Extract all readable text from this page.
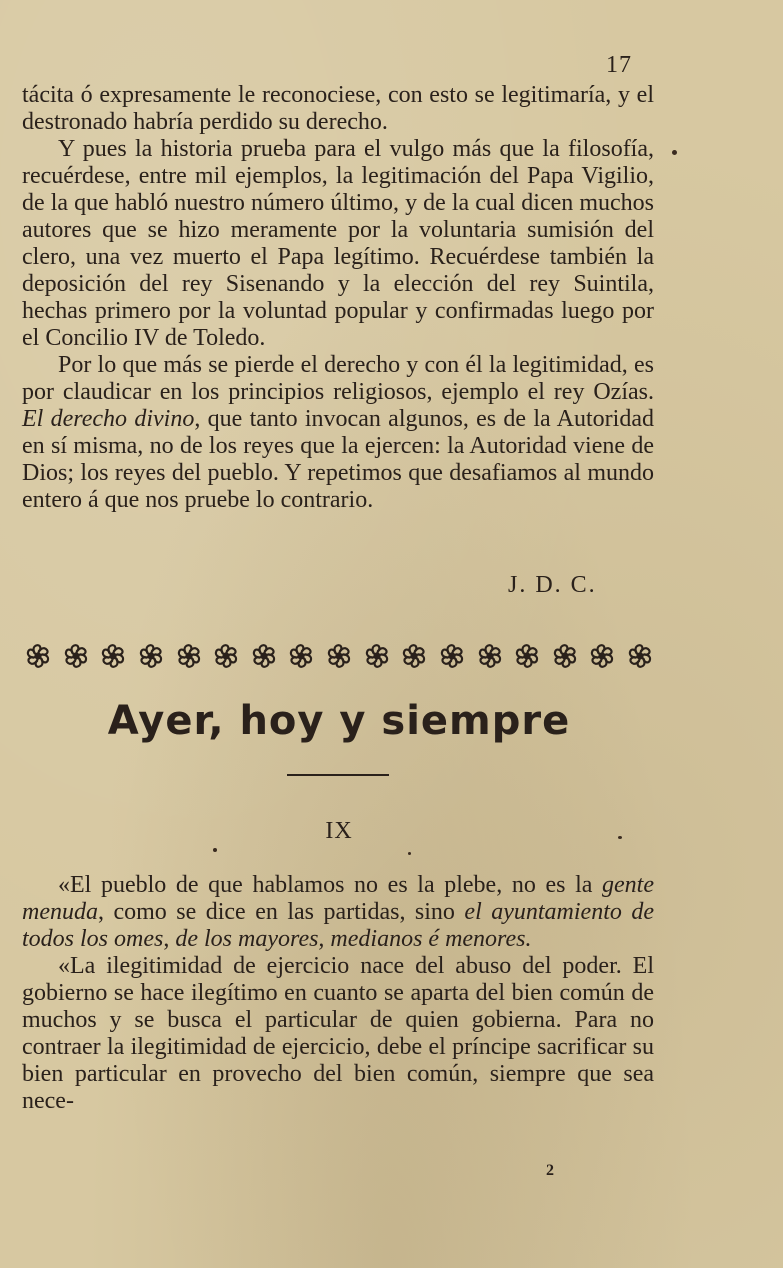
17

tácita ó expresamente le reconociese, con esto se legitimaría, y el destronado habría perdido su derecho.

Y pues la historia prueba para el vulgo más que la filosofía, recuérdese, entre mil ejemplos, la legitimación del Papa Vigilio, de la que habló nuestro número último, y de la cual dicen muchos autores que se hizo meramente por la voluntaria sumisión del clero, una vez muerto el Papa legítimo. Recuérdese también la deposición del rey Sisenando y la elección del rey Suintila, hechas primero por la voluntad popular y confirmadas luego por el Concilio IV de Toledo.

Por lo que más se pierde el derecho y con él la legitimidad, es por claudicar en los principios religiosos, ejemplo el rey Ozías. El derecho divino, que tanto invocan algunos, es de la Autoridad en sí misma, no de los reyes que la ejercen: la Autoridad viene de Dios; los reyes del pueblo. Y repetimos que desafiamos al mundo entero á que nos pruebe lo contrario.

J. D. C.
Ayer, hoy y siempre
IX

«El pueblo de que hablamos no es la plebe, no es la gente menuda, como se dice en las partidas, sino el ayuntamiento de todos los omes, de los mayores, medianos é menores.

«La ilegitimidad de ejercicio nace del abuso del poder. El gobierno se hace ilegítimo en cuanto se aparta del bien común de muchos y se busca el particular de quien gobierna. Para no contraer la ilegitimidad de ejercicio, debe el príncipe sacrificar su bien particular en provecho del bien común, siempre que sea nece-

2
